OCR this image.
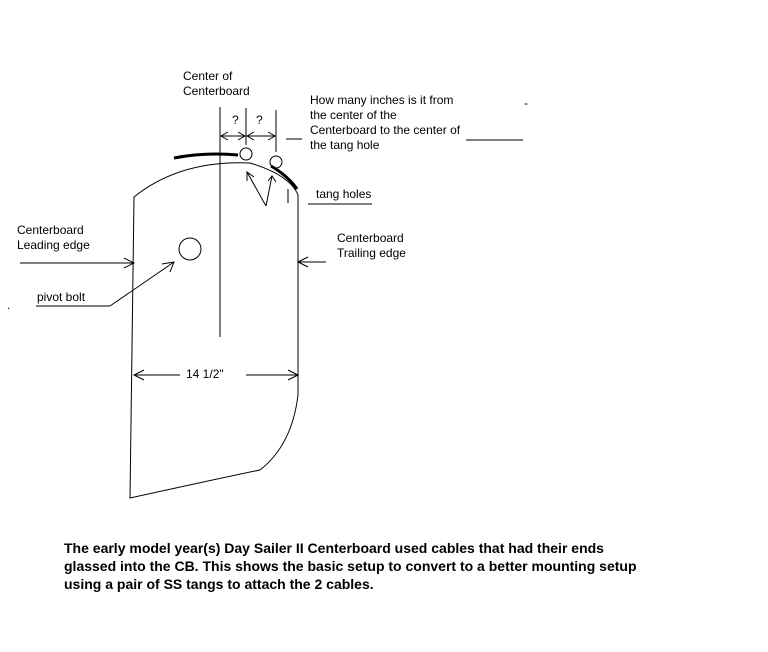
Center of
Centerboard
? ?
How many inches is it from
the center of the
Centerboard to the center of
the tang hole
-
tang holes
Centerboard
Leading edge	Centerboard
Trailing edge
pivot bolt
.
14 1/2"
The early model year(s) Day Sailer II Centerboard used cables that had their ends
glassed into the CB. This shows the basic setup to convert to a better mounting setup
using a pair of SS tangs to attach the 2 cables.
